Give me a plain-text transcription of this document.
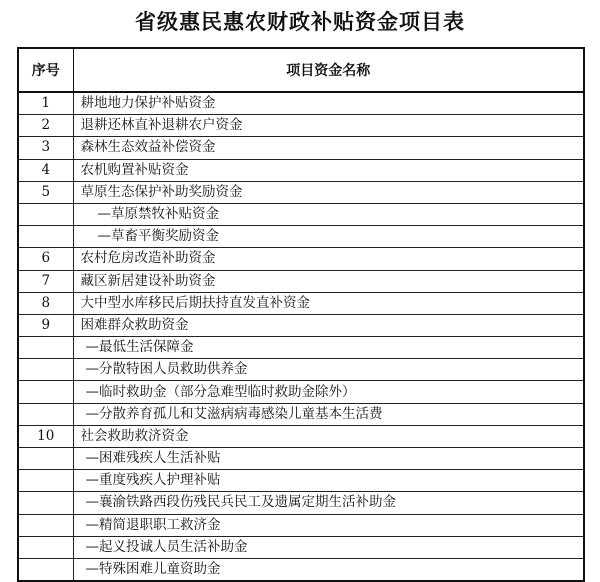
省级惠民惠农财政补贴资金项目表
序号	项目资金名称
1	耕地地力保护补贴资金
2	退耕还林直补退耕农户资金
3	森林生态效益补偿资金
4	农机购置补贴资金
5	草原生态保护补助奖励资金
	—草原禁牧补贴资金
	—草畜平衡奖励资金
6	农村危房改造补助资金
7	藏区新居建设补助资金
8	大中型水库移民后期扶持直发直补资金
9	困难群众救助资金
	—最低生活保障金
	—分散特困人员救助供养金
	—临时救助金（部分急难型临时救助金除外）
	—分散养育孤儿和艾滋病病毒感染儿童基本生活费
10	社会救助救济资金
	—困难残疾人生活补贴
	—重度残疾人护理补贴
	—襄渝铁路西段伤残民兵民工及遗属定期生活补助金
	—精简退职职工救济金
	—起义投诚人员生活补助金
	—特殊困难儿童资助金
